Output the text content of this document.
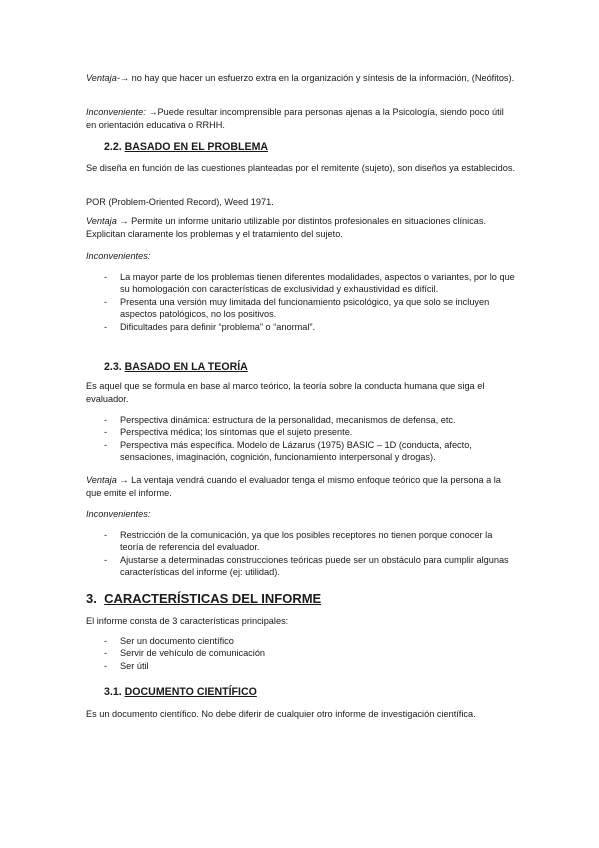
Ventaja-→ no hay que hacer un esfuerzo extra en la organización y síntesis de la información, (Neófitos).

Inconveniente: →Puede resultar incomprensible para personas ajenas a la Psicología, siendo poco útil en orientación educativa o RRHH.

2.2. BASADO EN EL PROBLEMA

Se diseña en función de las cuestiones planteadas por el remitente (sujeto), son diseños ya establecidos.

POR (Problem-Oriented Record), Weed 1971.

Ventaja → Permite un informe unitario utilizable por distintos profesionales en situaciones clínicas. Explicitan claramente los problemas y el tratamiento del sujeto.

Inconvenientes:

- La mayor parte de los problemas tienen diferentes modalidades, aspectos o variantes, por lo que su homologación con características de exclusividad y exhaustividad es difícil.
- Presenta una versión muy limitada del funcionamiento psicológico, ya que solo se incluyen aspectos patológicos, no los positivos.
- Dificultades para definir “problema” o “anormal”.
2.3. BASADO EN LA TEORÍA

Es aquel que se formula en base al marco teórico, la teoría sobre la conducta humana que siga el evaluador.

- Perspectiva dinámica: estructura de la personalidad, mecanismos de defensa, etc.
- Perspectiva médica; los síntomas que el sujeto presente.
- Perspectiva más específica. Modelo de Lázarus (1975) BASIC – 1D (conducta, afecto, sensaciones, imaginación, cognición, funcionamiento interpersonal y drogas).

Ventaja → La ventaja vendrá cuando el evaluador tenga el mismo enfoque teórico que la persona a la que emite el informe.

Inconvenientes:

- Restricción de la comunicación, ya que los posibles receptores no tienen porque conocer la teoría de referencia del evaluador.
- Ajustarse a determinadas construcciones teóricas puede ser un obstáculo para cumplir algunas características del informe (ej: utilidad).
3. CARACTERÍSTICAS DEL INFORME

El informe consta de 3 características principales:

- Ser un documento científico
- Servir de vehículo de comunicación
- Ser útil
3.1. DOCUMENTO CIENTÍFICO

Es un documento científico. No debe diferir de cualquier otro informe de investigación científica.
